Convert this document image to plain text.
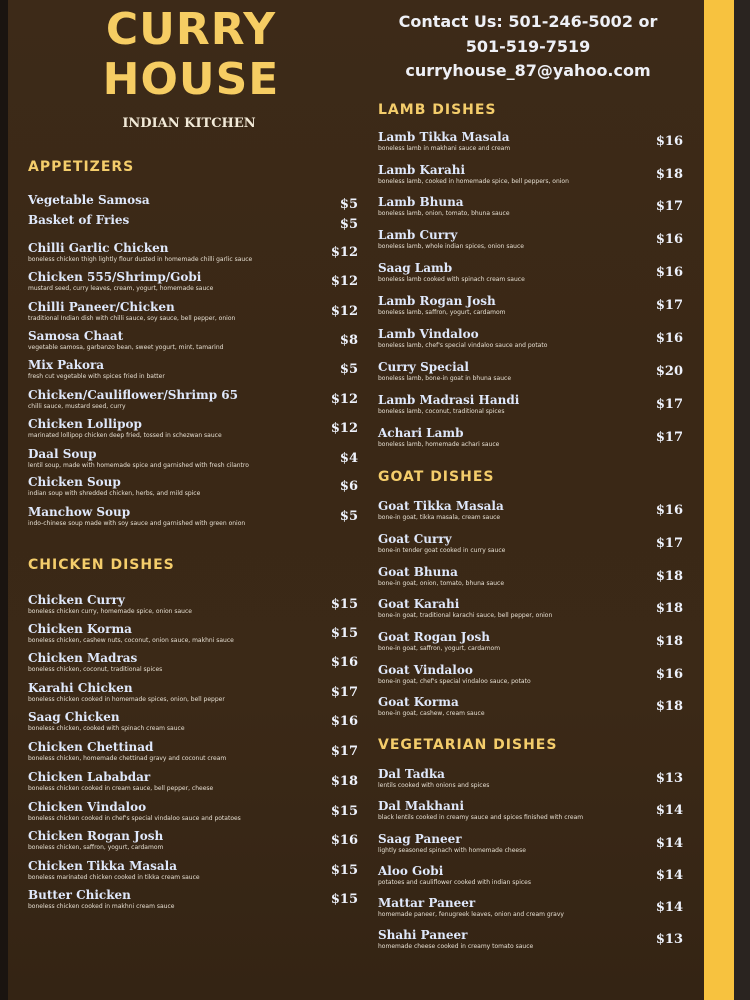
CURRY
HOUSE
INDIAN KITCHEN
Contact Us: 501-246-5002 or
501-519-7519
curryhouse_87@yahoo.com
APPETIZERS
Vegetable Samosa	$5
Basket of Fries	$5
Chilli Garlic Chicken
boneless chicken thigh lightly flour dusted in homemade chilli garlic sauce	$12
Chicken 555/Shrimp/Gobi
mustard seed, curry leaves, cream, yogurt, homemade sauce	$12
Chilli Paneer/Chicken
traditional Indian dish with chilli sauce, soy sauce, bell pepper, onion	$12
Samosa Chaat
vegetable samosa, garbanzo bean, sweet yogurt, mint, tamarind	$8
Mix Pakora
fresh cut vegetable with spices fried in batter	$5
Chicken/Cauliflower/Shrimp 65
chilli sauce, mustard seed, curry	$12
Chicken Lollipop
marinated lollipop chicken deep fried, tossed in schezwan sauce	$12
Daal Soup
lentil soup, made with homemade spice and garnished with fresh cilantro	$4
Chicken Soup
indian soup with shredded chicken, herbs, and mild spice	$6
Manchow Soup
indo-chinese soup made with soy sauce and garnished with green onion	$5
CHICKEN DISHES
Chicken Curry
boneless chicken curry, homemade spice, onion sauce	$15
Chicken Korma
boneless chicken, cashew nuts, coconut, onion sauce, makhni sauce	$15
Chicken Madras
boneless chicken, coconut, traditional spices	$16
Karahi Chicken
boneless chicken cooked in homemade spices, onion, bell pepper	$17
Saag Chicken
boneless chicken, cooked with spinach cream sauce	$16
Chicken Chettinad
boneless chicken, homemade chettinad gravy and coconut cream	$17
Chicken Lababdar
boneless chicken cooked in cream sauce, bell pepper, cheese	$18
Chicken Vindaloo
boneless chicken cooked in chef's special vindaloo sauce and potatoes	$15
Chicken Rogan Josh
boneless chicken, saffron, yogurt, cardamom	$16
Chicken Tikka Masala
boneless marinated chicken cooked in tikka cream sauce	$15
Butter Chicken
boneless chicken cooked in makhni cream sauce	$15
LAMB DISHES
Lamb Tikka Masala
boneless lamb in makhani sauce and cream	$16
Lamb Karahi
boneless lamb, cooked in homemade spice, bell peppers, onion	$18
Lamb Bhuna
boneless lamb, onion, tomato, bhuna sauce	$17
Lamb Curry
boneless lamb, whole indian spices, onion sauce	$16
Saag Lamb
boneless lamb cooked with spinach cream sauce	$16
Lamb Rogan Josh
boneless lamb, saffron, yogurt, cardamom	$17
Lamb Vindaloo
boneless lamb, chef's special vindaloo sauce and potato	$16
Curry Special
boneless lamb, bone-in goat in bhuna sauce	$20
Lamb Madrasi Handi
boneless lamb, coconut, traditional spices	$17
Achari Lamb
boneless lamb, homemade achari sauce	$17
GOAT DISHES
Goat Tikka Masala
bone-in goat, tikka masala, cream sauce	$16
Goat Curry
bone-in tender goat cooked in curry sauce	$17
Goat Bhuna
bone-in goat, onion, tomato, bhuna sauce	$18
Goat Karahi
bone-in goat, traditional karachi sauce, bell pepper, onion	$18
Goat Rogan Josh
bone-in goat, saffron, yogurt, cardamom	$18
Goat Vindaloo
bone-in goat, chef's special vindaloo sauce, potato	$16
Goat Korma
bone-in goat, cashew, cream sauce	$18
VEGETARIAN DISHES
Dal Tadka
lentils cooked with onions and spices	$13
Dal Makhani
black lentils cooked in creamy sauce and spices finished with cream	$14
Saag Paneer
lightly seasoned spinach with homemade cheese	$14
Aloo Gobi
potatoes and cauliflower cooked with indian spices	$14
Mattar Paneer
homemade paneer, fenugreek leaves, onion and cream gravy	$14
Shahi Paneer
homemade cheese cooked in creamy tomato sauce	$13
